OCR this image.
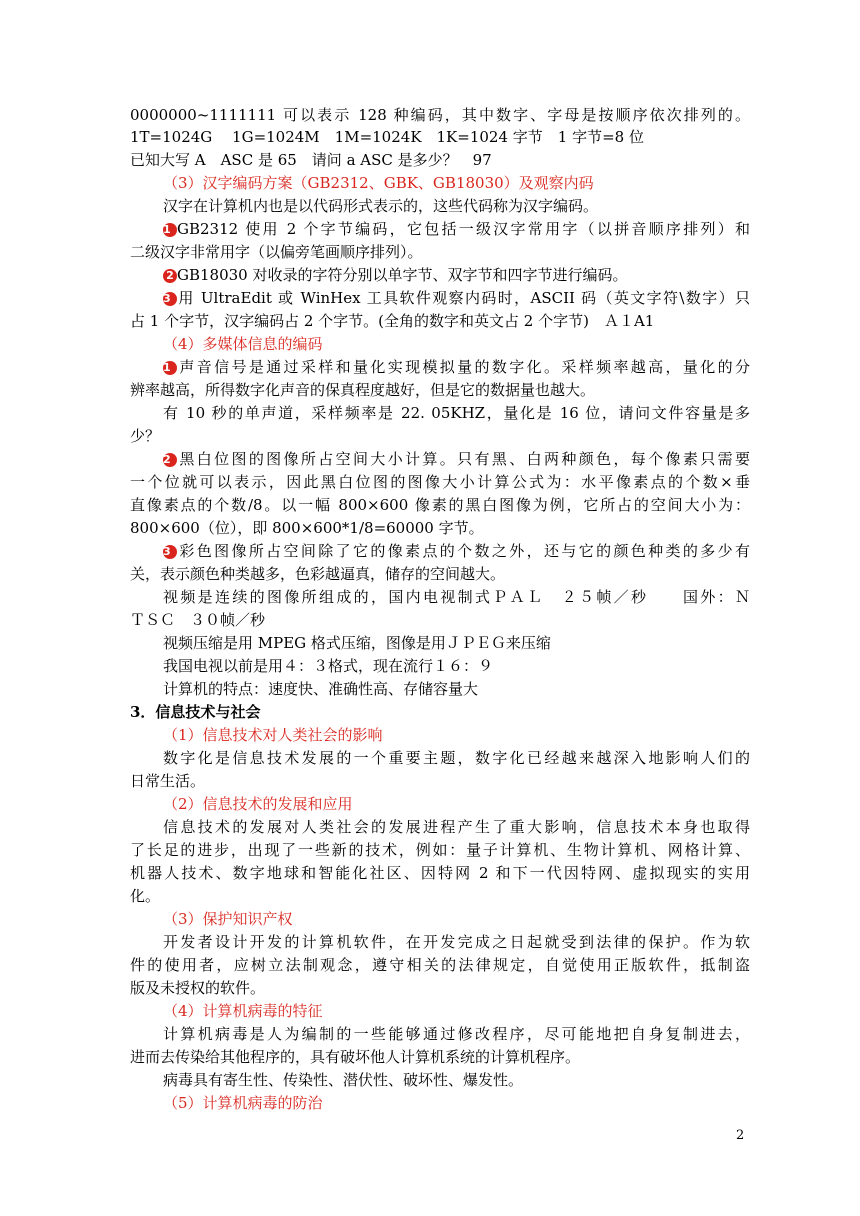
0000000~1111111 可以表示 128 种编码，其中数字、字母是按顺序依次排列的。
1T=1024G　 1G=1024M　1M=1024K　1K=1024 字节　1 字节=8 位
已知大写 A　ASC 是 65　请问 a ASC 是多少？　97
（3）汉字编码方案（GB2312、GBK、GB18030）及观察内码
汉字在计算机内也是以代码形式表示的，这些代码称为汉字编码。
1 GB2312 使用 2 个字节编码，它包括一级汉字常用字（以拼音顺序排列）和
二级汉字非常用字（以偏旁笔画顺序排列）。
2 GB18030 对收录的字符分别以单字节、双字节和四字节进行编码。
3 用 UltraEdit 或 WinHex 工具软件观察内码时，ASCII 码（英文字符\数字）只
占 1 个字节，汉字编码占 2 个字节。(全角的数字和英文占 2 个字节)　Ａ１A1
（4）多媒体信息的编码
1 声音信号是通过采样和量化实现模拟量的数字化。采样频率越高，量化的分
辨率越高，所得数字化声音的保真程度越好，但是它的数据量也越大。
有 10 秒的单声道，采样频率是 22. 05KHZ，量化是 16 位，请问文件容量是多
少？
2 黑白位图的图像所占空间大小计算。只有黑、白两种颜色，每个像素只需要
一个位就可以表示，因此黑白位图的图像大小计算公式为：水平像素点的个数×垂
直像素点的个数/8。以一幅 800×600 像素的黑白图像为例，它所占的空间大小为：
800×600（位），即 800×600*1/8=60000 字节。
3 彩色图像所占空间除了它的像素点的个数之外，还与它的颜色种类的多少有
关，表示颜色种类越多，色彩越逼真，储存的空间越大。
视频是连续的图像所组成的，国内电视制式ＰＡＬ　２５帧／秒　　国外：Ｎ
ＴＳＣ　３０帧／秒
视频压缩是用 MPEG 格式压缩，图像是用ＪＰＥＧ来压缩
我国电视以前是用４：３格式，现在流行１６：９
计算机的特点：速度快、准确性高、存储容量大
3．信息技术与社会
（1）信息技术对人类社会的影响
数字化是信息技术发展的一个重要主题，数字化已经越来越深入地影响人们的
日常生活。
（2）信息技术的发展和应用
信息技术的发展对人类社会的发展进程产生了重大影响，信息技术本身也取得
了长足的进步，出现了一些新的技术，例如：量子计算机、生物计算机、网格计算、
机器人技术、数字地球和智能化社区、因特网 2 和下一代因特网、虚拟现实的实用
化。
（3）保护知识产权
开发者设计开发的计算机软件，在开发完成之日起就受到法律的保护。作为软
件的使用者，应树立法制观念，遵守相关的法律规定，自觉使用正版软件，抵制盗
版及未授权的软件。
（4）计算机病毒的特征
计算机病毒是人为编制的一些能够通过修改程序，尽可能地把自身复制进去，
进而去传染给其他程序的，具有破坏他人计算机系统的计算机程序。
病毒具有寄生性、传染性、潜伏性、破坏性、爆发性。
（5）计算机病毒的防治
2
